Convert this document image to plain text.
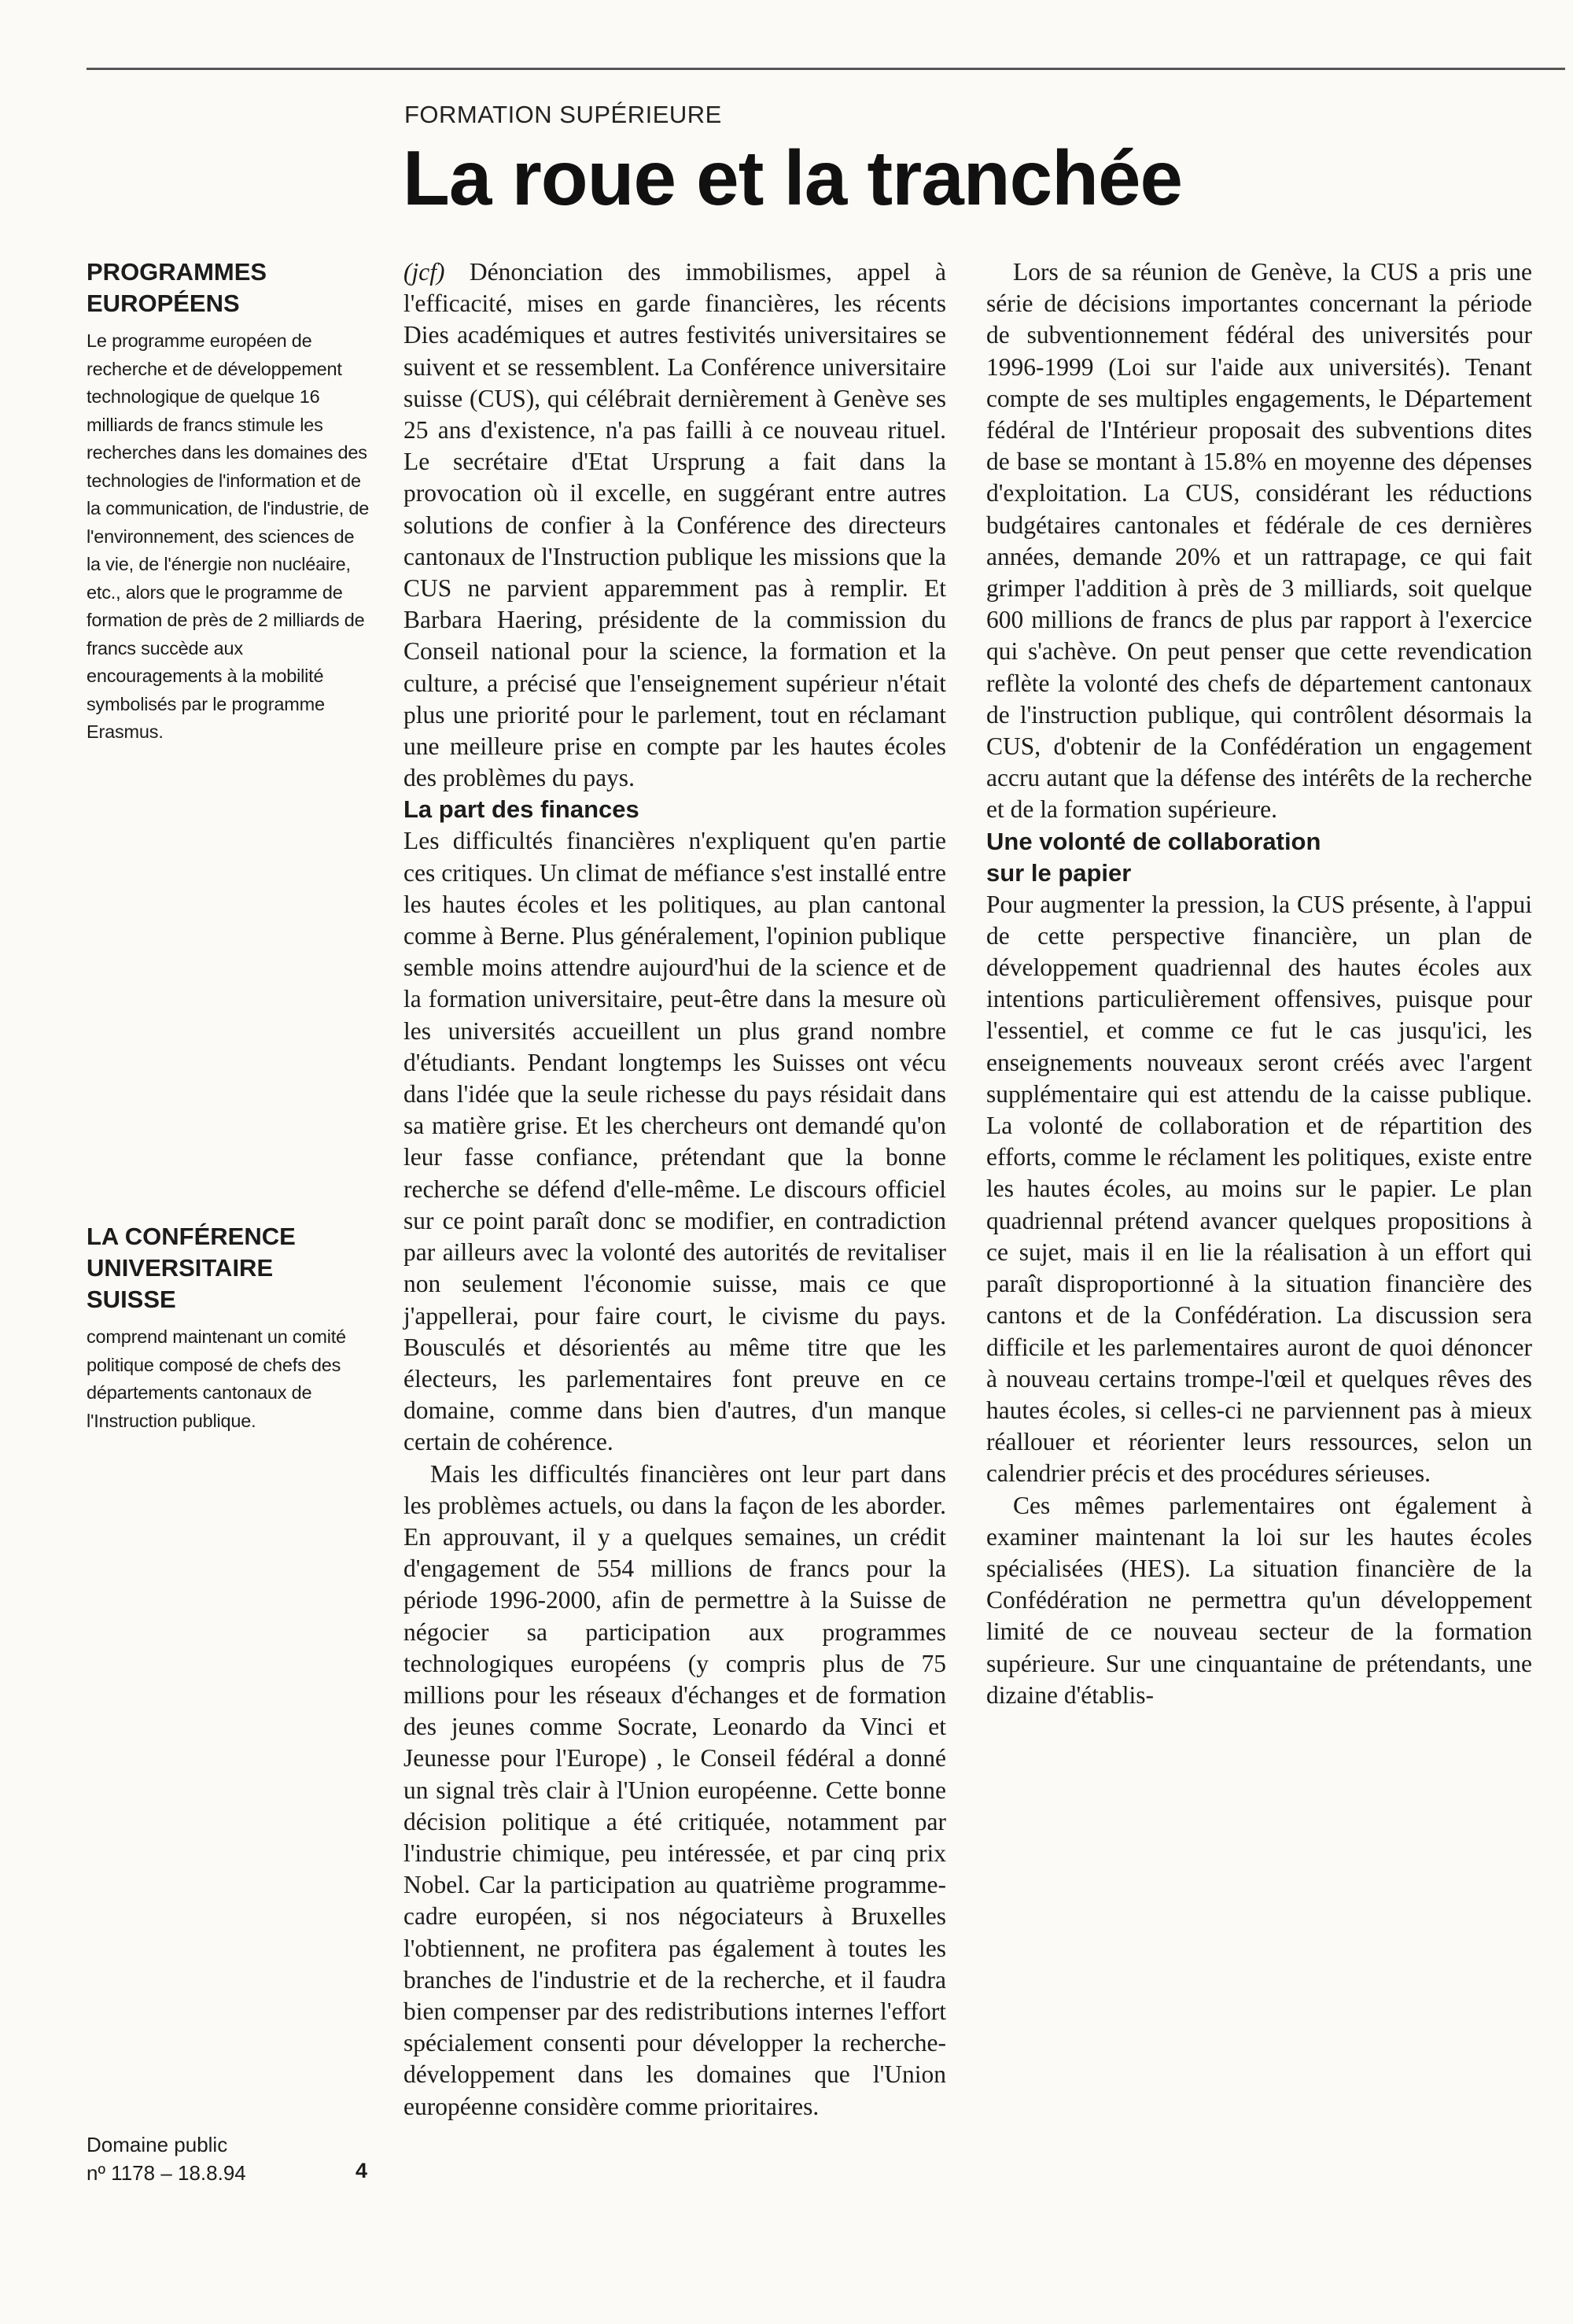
FORMATION SUPÉRIEURE
La roue et la tranchée

PROGRAMMES
EUROPÉENS

Le programme européen de recherche et de développement technologique de quelque 16 milliards de francs stimule les recherches dans les domaines des technologies de l'information et de la communication, de l'industrie, de l'environnement, des sciences de la vie, de l'énergie non nucléaire, etc., alors que le programme de formation de près de 2 milliards de francs succède aux encouragements à la mobilité symbolisés par le programme Erasmus.

LA CONFÉRENCE
UNIVERSITAIRE
SUISSE

comprend maintenant un comité politique composé de chefs des départements cantonaux de l'Instruction publique.

Domaine public
nº 1178 – 18.8.94	4

(jcf) Dénonciation des immobilismes, appel à l'efficacité, mises en garde financières, les récents Dies académiques et autres festivités universitaires se suivent et se ressemblent. La Conférence universitaire suisse (CUS), qui célébrait dernièrement à Genève ses 25 ans d'existence, n'a pas failli à ce nouveau rituel. Le secrétaire d'Etat Ursprung a fait dans la provocation où il excelle, en suggérant entre autres solutions de confier à la Conférence des directeurs cantonaux de l'Instruction publique les missions que la CUS ne parvient apparemment pas à remplir. Et Barbara Haering, présidente de la commission du Conseil national pour la science, la formation et la culture, a précisé que l'enseignement supérieur n'était plus une priorité pour le parlement, tout en réclamant une meilleure prise en compte par les hautes écoles des problèmes du pays.

La part des finances

Les difficultés financières n'expliquent qu'en partie ces critiques. Un climat de méfiance s'est installé entre les hautes écoles et les politiques, au plan cantonal comme à Berne. Plus généralement, l'opinion publique semble moins attendre aujourd'hui de la science et de la formation universitaire, peut-être dans la mesure où les universités accueillent un plus grand nombre d'étudiants. Pendant longtemps les Suisses ont vécu dans l'idée que la seule richesse du pays résidait dans sa matière grise. Et les chercheurs ont demandé qu'on leur fasse confiance, prétendant que la bonne recherche se défend d'elle-même. Le discours officiel sur ce point paraît donc se modifier, en contradiction par ailleurs avec la volonté des autorités de revitaliser non seulement l'économie suisse, mais ce que j'appellerai, pour faire court, le civisme du pays. Bousculés et désorientés au même titre que les électeurs, les parlementaires font preuve en ce domaine, comme dans bien d'autres, d'un manque certain de cohérence.

Mais les difficultés financières ont leur part dans les problèmes actuels, ou dans la façon de les aborder. En approuvant, il y a quelques semaines, un crédit d'engagement de 554 millions de francs pour la période 1996-2000, afin de permettre à la Suisse de négocier sa participation aux programmes technologiques européens (y compris plus de 75 millions pour les réseaux d'échanges et de formation des jeunes comme Socrate, Leonardo da Vinci et Jeunesse pour l'Europe) , le Conseil fédéral a donné un signal très clair à l'Union européenne. Cette bonne décision politique a été critiquée, notamment par l'industrie chimique, peu intéressée, et par cinq prix Nobel. Car la participation au quatrième programme-cadre européen, si nos négociateurs à Bruxelles l'obtiennent, ne profitera pas également à toutes les branches de l'industrie et de la recherche, et il faudra bien compenser par des redistributions internes l'effort spécialement consenti pour développer la recherche-développement dans les domaines que l'Union européenne considère comme prioritaires.

Lors de sa réunion de Genève, la CUS a pris une série de décisions importantes concernant la période de subventionnement fédéral des universités pour 1996-1999 (Loi sur l'aide aux universités). Tenant compte de ses multiples engagements, le Département fédéral de l'Intérieur proposait des subventions dites de base se montant à 15.8% en moyenne des dépenses d'exploitation. La CUS, considérant les réductions budgétaires cantonales et fédérale de ces dernières années, demande 20% et un rattrapage, ce qui fait grimper l'addition à près de 3 milliards, soit quelque 600 millions de francs de plus par rapport à l'exercice qui s'achève. On peut penser que cette revendication reflète la volonté des chefs de département cantonaux de l'instruction publique, qui contrôlent désormais la CUS, d'obtenir de la Confédération un engagement accru autant que la défense des intérêts de la recherche et de la formation supérieure.

Une volonté de collaboration
sur le papier

Pour augmenter la pression, la CUS présente, à l'appui de cette perspective financière, un plan de développement quadriennal des hautes écoles aux intentions particulièrement offensives, puisque pour l'essentiel, et comme ce fut le cas jusqu'ici, les enseignements nouveaux seront créés avec l'argent supplémentaire qui est attendu de la caisse publique. La volonté de collaboration et de répartition des efforts, comme le réclament les politiques, existe entre les hautes écoles, au moins sur le papier. Le plan quadriennal prétend avancer quelques propositions à ce sujet, mais il en lie la réalisation à un effort qui paraît disproportionné à la situation financière des cantons et de la Confédération. La discussion sera difficile et les parlementaires auront de quoi dénoncer à nouveau certains trompe-l'œil et quelques rêves des hautes écoles, si celles-ci ne parviennent pas à mieux réallouer et réorienter leurs ressources, selon un calendrier précis et des procédures sérieuses.

Ces mêmes parlementaires ont également à examiner maintenant la loi sur les hautes écoles spécialisées (HES). La situation financière de la Confédération ne permettra qu'un développement limité de ce nouveau secteur de la formation supérieure. Sur une cinquantaine de prétendants, une dizaine d'établis-
